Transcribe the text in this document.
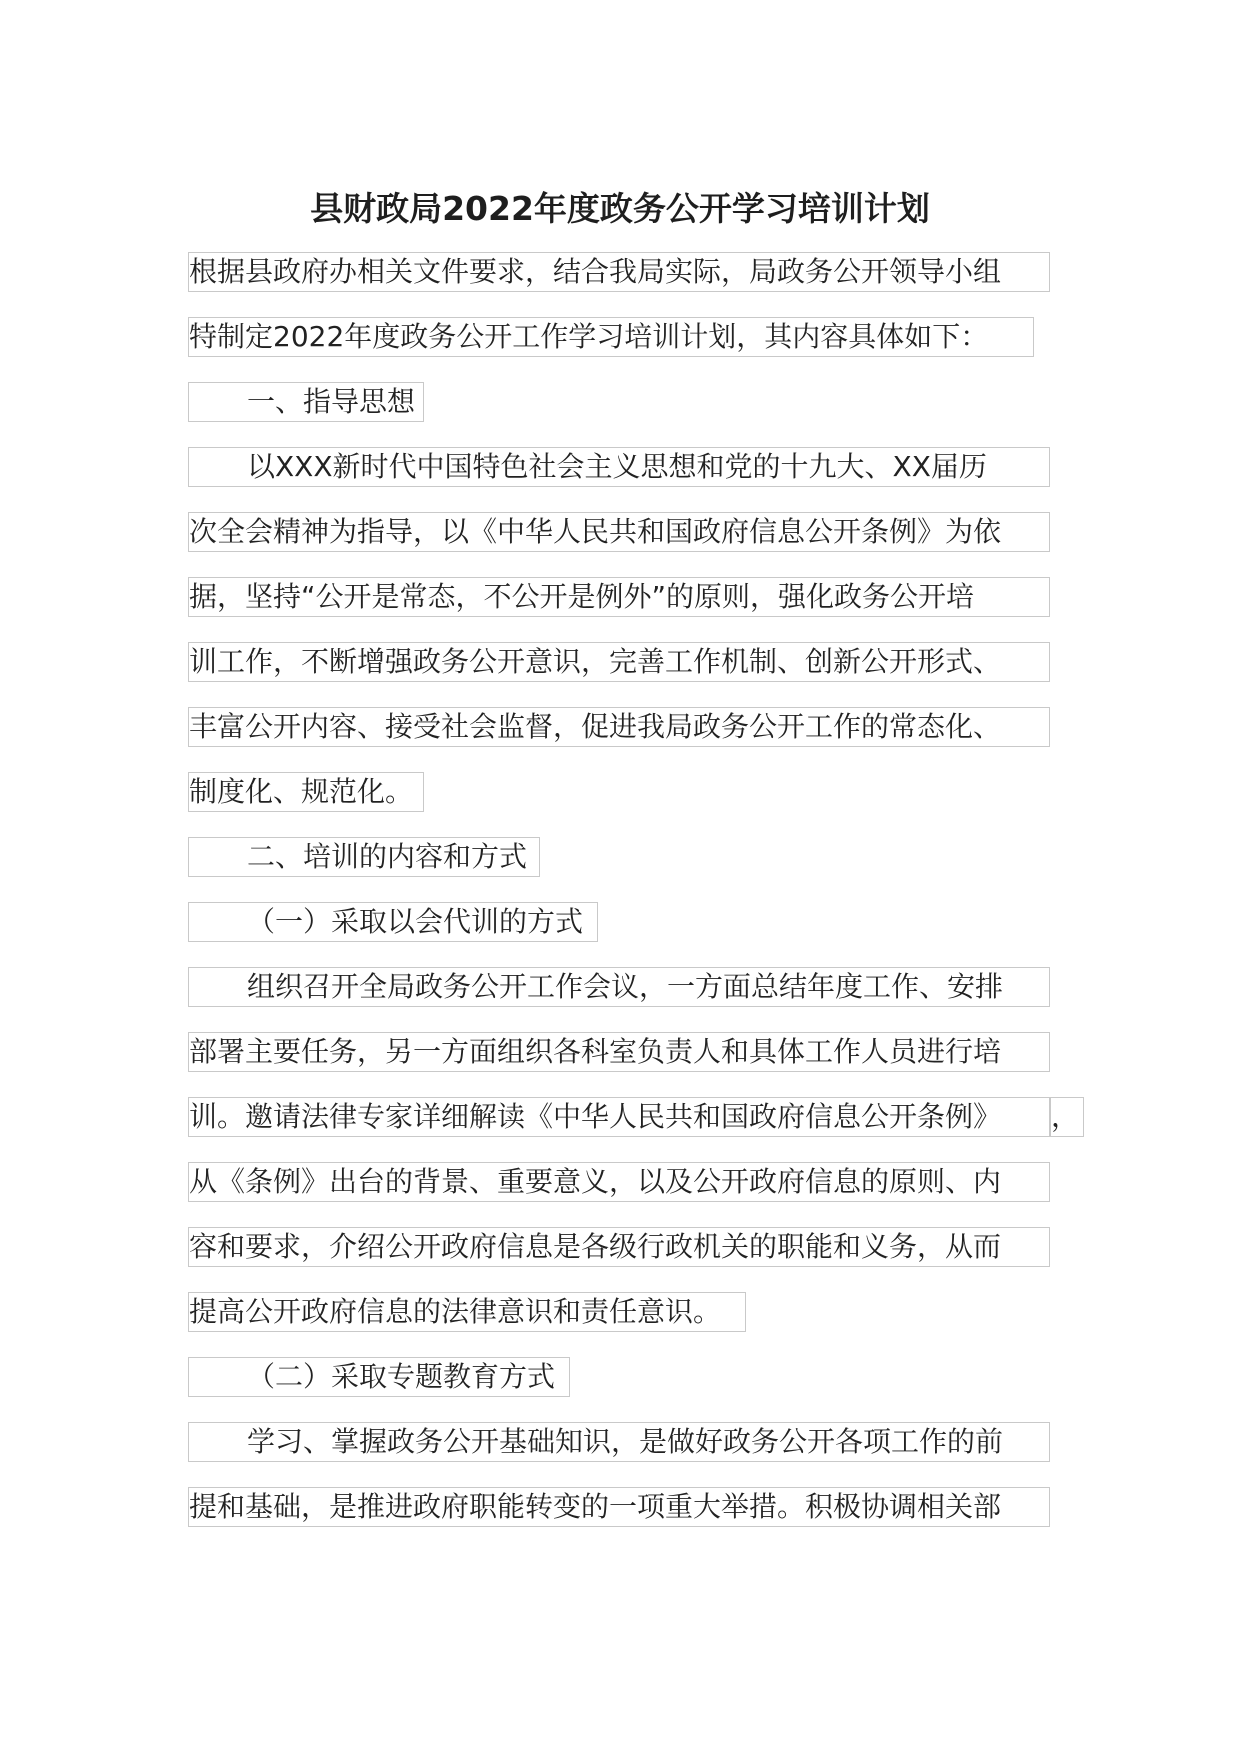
县财政局2022年度政务公开学习培训计划
根据县政府办相关文件要求，结合我局实际，局政务公开领导小组
特制定2022年度政务公开工作学习培训计划，其内容具体如下：
一、指导思想
以XXX新时代中国特色社会主义思想和党的十九大、XX届历
次全会精神为指导，以《中华人民共和国政府信息公开条例》为依
据，坚持“公开是常态，不公开是例外”的原则，强化政务公开培
训工作，不断增强政务公开意识，完善工作机制、创新公开形式、
丰富公开内容、接受社会监督，促进我局政务公开工作的常态化、
制度化、规范化。
二、培训的内容和方式
（一）采取以会代训的方式
组织召开全局政务公开工作会议，一方面总结年度工作、安排
部署主要任务，另一方面组织各科室负责人和具体工作人员进行培
训。邀请法律专家详细解读《中华人民共和国政府信息公开条例》	，
从《条例》出台的背景、重要意义，以及公开政府信息的原则、内
容和要求，介绍公开政府信息是各级行政机关的职能和义务，从而
提高公开政府信息的法律意识和责任意识。
（二）采取专题教育方式
学习、掌握政务公开基础知识，是做好政务公开各项工作的前
提和基础，是推进政府职能转变的一项重大举措。积极协调相关部
